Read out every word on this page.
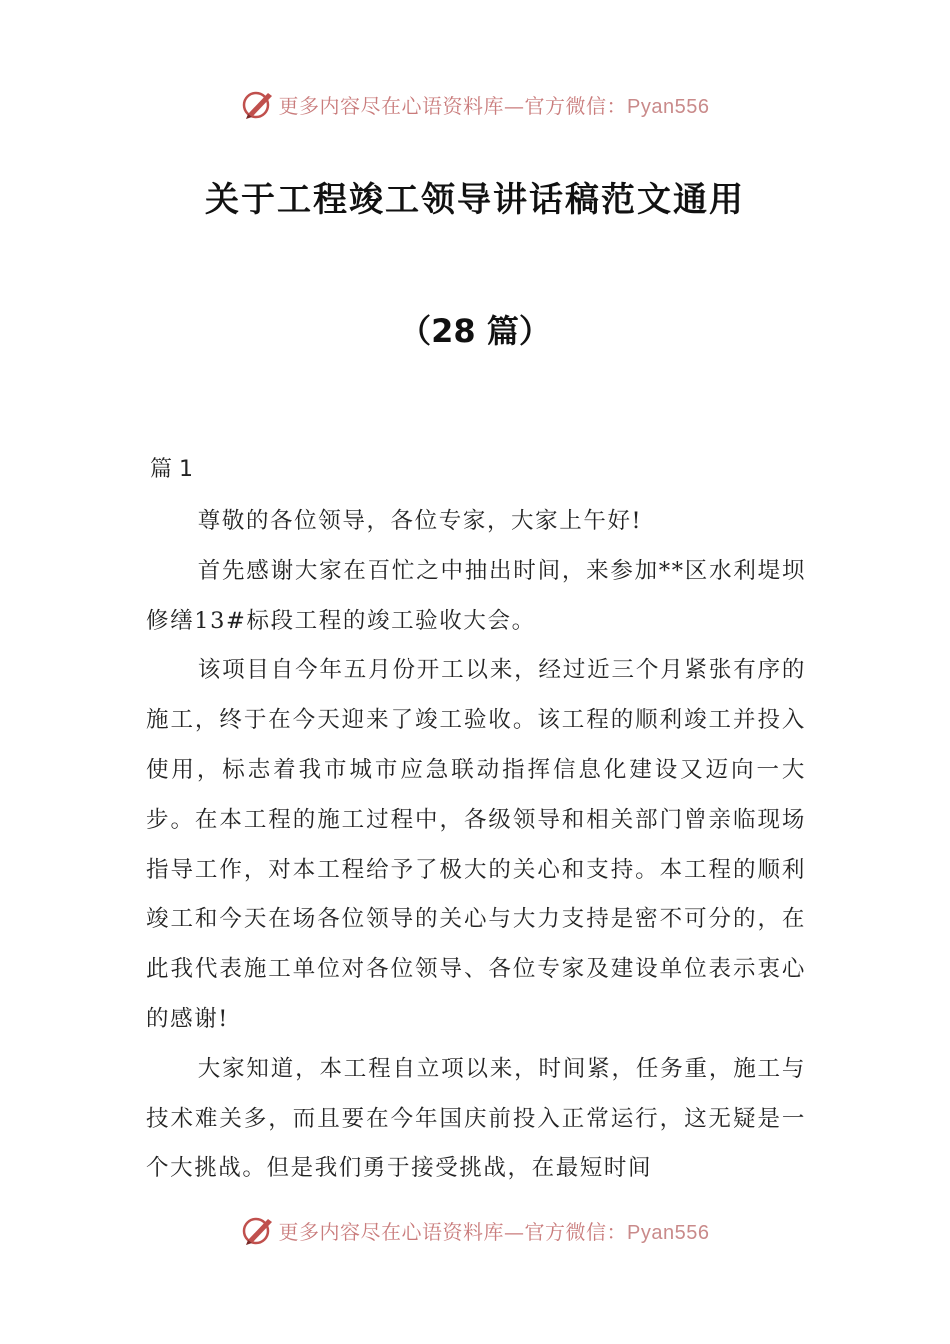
更多内容尽在心语资料库—官方微信：Pyan556
关于工程竣工领导讲话稿范文通用
（28 篇）
篇 1

尊敬的各位领导，各位专家，大家上午好!

首先感谢大家在百忙之中抽出时间，来参加**区水利堤坝修缮13#标段工程的竣工验收大会。

该项目自今年五月份开工以来，经过近三个月紧张有序的施工，终于在今天迎来了竣工验收。该工程的顺利竣工并投入使用，标志着我市城市应急联动指挥信息化建设又迈向一大步。在本工程的施工过程中，各级领导和相关部门曾亲临现场指导工作，对本工程给予了极大的关心和支持。本工程的顺利竣工和今天在场各位领导的关心与大力支持是密不可分的，在此我代表施工单位对各位领导、各位专家及建设单位表示衷心的感谢!

大家知道，本工程自立项以来，时间紧，任务重，施工与技术难关多，而且要在今年国庆前投入正常运行，这无疑是一个大挑战。但是我们勇于接受挑战，在最短时间

更多内容尽在心语资料库—官方微信：Pyan556
